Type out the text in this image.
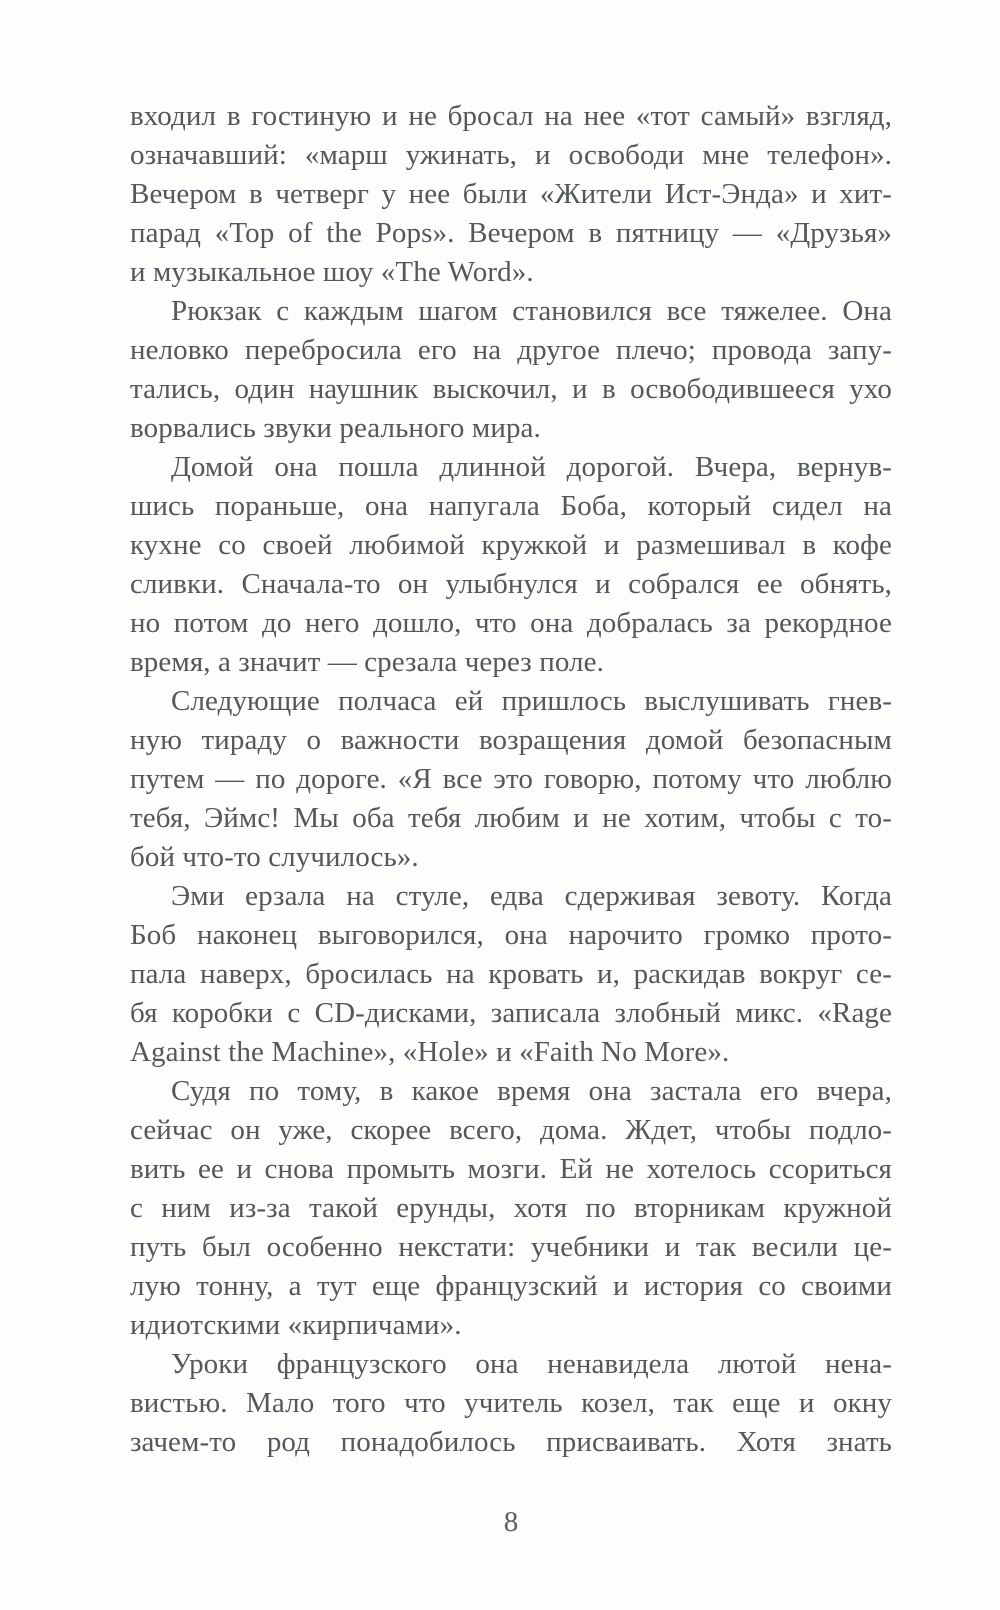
входил в гостиную и не бросал на нее «тот самый» взгляд,
означавший: «марш ужинать, и освободи мне телефон».
Вечером в четверг у нее были «Жители Ист-Энда» и хит-
парад «Top of the Pops». Вечером в пятницу — «Друзья»
и музыкальное шоу «The Word».

Рюкзак с каждым шагом становился все тяжелее. Она
неловко перебросила его на другое плечо; провода запу-
тались, один наушник выскочил, и в освободившееся ухо
ворвались звуки реального мира.

Домой она пошла длинной дорогой. Вчера, вернув-
шись пораньше, она напугала Боба, который сидел на
кухне со своей любимой кружкой и размешивал в кофе
сливки. Сначала-то он улыбнулся и собрался ее обнять,
но потом до него дошло, что она добралась за рекордное
время, а значит — срезала через поле.

Следующие полчаса ей пришлось выслушивать гнев-
ную тираду о важности возращения домой безопасным
путем — по дороге. «Я все это говорю, потому что люблю
тебя, Эймс! Мы оба тебя любим и не хотим, чтобы с то-
бой что-то случилось».

Эми ерзала на стуле, едва сдерживая зевоту. Когда
Боб наконец выговорился, она нарочито громко прото-
пала наверх, бросилась на кровать и, раскидав вокруг се-
бя коробки с CD-дисками, записала злобный микс. «Rage
Against the Machine», «Hole» и «Faith No More».

Судя по тому, в какое время она застала его вчера,
сейчас он уже, скорее всего, дома. Ждет, чтобы подло-
вить ее и снова промыть мозги. Ей не хотелось ссориться
с ним из-за такой ерунды, хотя по вторникам кружной
путь был особенно некстати: учебники и так весили це-
лую тонну, а тут еще французский и история со своими
идиотскими «кирпичами».

Уроки французского она ненавидела лютой нена-
вистью. Мало того что учитель козел, так еще и окну
зачем-то род понадобилось присваивать. Хотя знать

8
